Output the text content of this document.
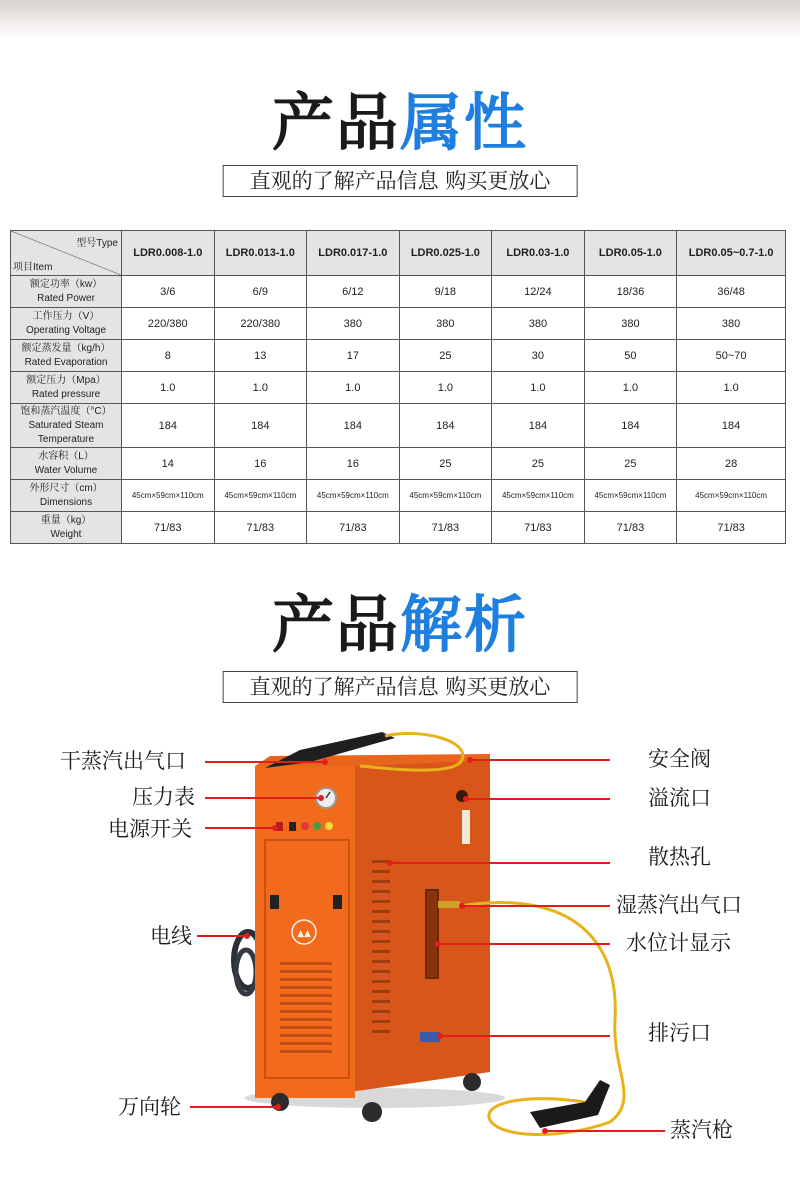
产品属性
直观的了解产品信息 购买更放心
型号Type
项目Item	LDR0.008-1.0	LDR0.013-1.0	LDR0.017-1.0	LDR0.025-1.0	LDR0.03-1.0	LDR0.05-1.0	LDR0.05~0.7-1.0
额定功率（kw）
Rated Power	3/6	6/9	6/12	9/18	12/24	18/36	36/48
工作压力（V）
Operating Voltage	220/380	220/380	380	380	380	380	380
额定蒸发量（kg/h）
Rated Evaporation	8	13	17	25	30	50	50~70
额定压力（Mpa）
Rated pressure	1.0	1.0	1.0	1.0	1.0	1.0	1.0
饱和蒸汽温度（°C）
Saturated Steam
Temperature	184	184	184	184	184	184	184
水容积（L）
Water Volume	14	16	16	25	25	25	28
外形尺寸（cm）
Dimensions	45cm×59cm×110cm	45cm×59cm×110cm	45cm×59cm×110cm	45cm×59cm×110cm	45cm×59cm×110cm	45cm×59cm×110cm	45cm×59cm×110cm
重量（kg）
Weight	71/83	71/83	71/83	71/83	71/83	71/83	71/83
产品解析
直观的了解产品信息 购买更放心
▲▲
干蒸汽出气口
压力表
电源开关
电线
万向轮
安全阀
溢流口
散热孔
湿蒸汽出气口
水位计显示
排污口
蒸汽枪
